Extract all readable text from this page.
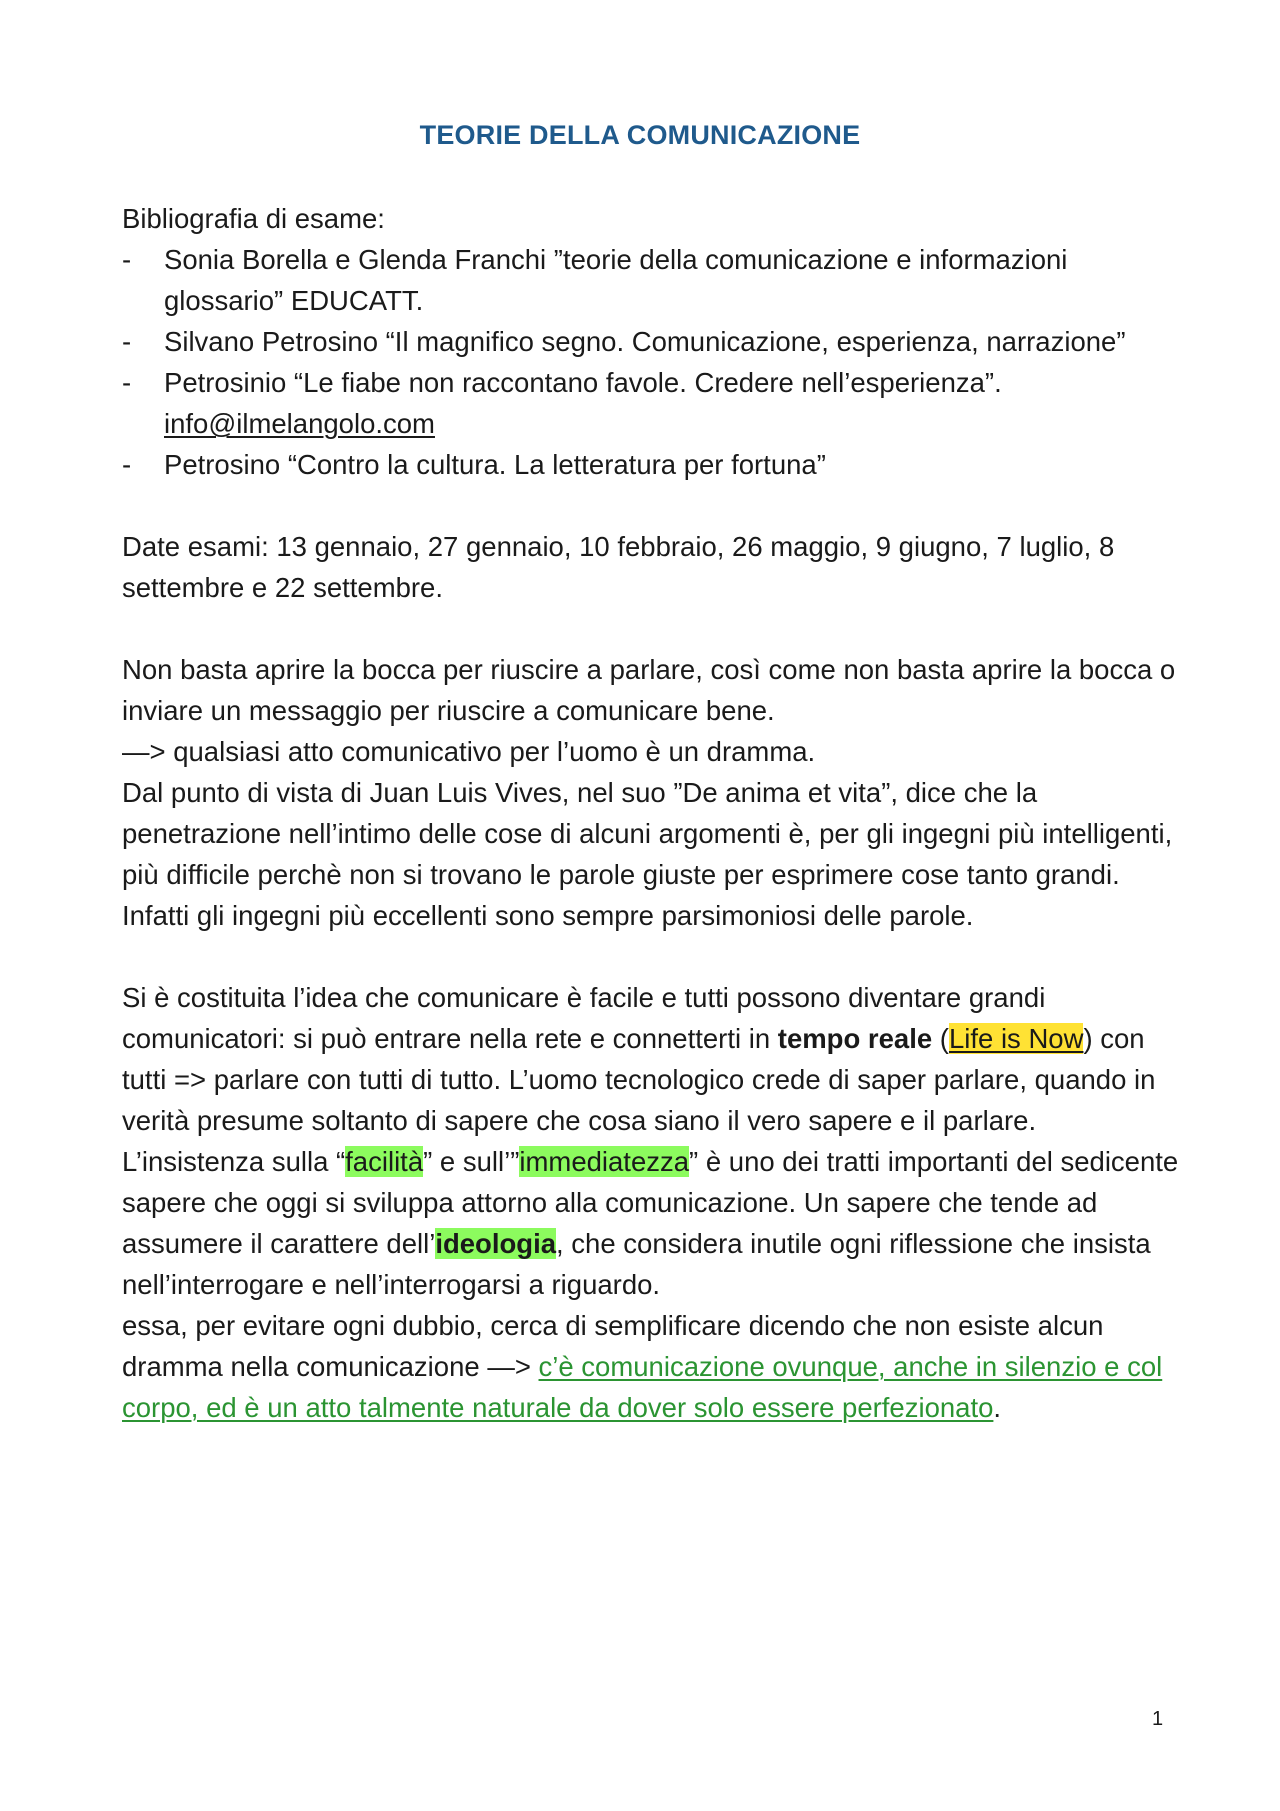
TEORIE DELLA COMUNICAZIONE

Bibliografia di esame:

- Sonia Borella e Glenda Franchi ”teorie della comunicazione e informazioni glossario” EDUCATT.
- Silvano Petrosino “Il magnifico segno. Comunicazione, esperienza, narrazione”
- Petrosinio “Le fiabe non raccontano favole. Credere nell’esperienza”.
info@ilmelangolo.com
- Petrosino “Contro la cultura. La letteratura per fortuna”

Date esami: 13 gennaio, 27 gennaio, 10 febbraio, 26 maggio, 9 giugno, 7 luglio, 8 settembre e 22 settembre.

Non basta aprire la bocca per riuscire a parlare, così come non basta aprire la bocca o inviare un messaggio per riuscire a comunicare bene.

—> qualsiasi atto comunicativo per l’uomo è un dramma.

Dal punto di vista di Juan Luis Vives, nel suo ”De anima et vita”, dice che la penetrazione nell’intimo delle cose di alcuni argomenti è, per gli ingegni più intelligenti, più difficile perchè non si trovano le parole giuste per esprimere cose tanto grandi. Infatti gli ingegni più eccellenti sono sempre parsimoniosi delle parole.

Si è costituita l’idea che comunicare è facile e tutti possono diventare grandi comunicatori: si può entrare nella rete e connetterti in tempo reale (Life is Now) con tutti => parlare con tutti di tutto. L’uomo tecnologico crede di saper parlare, quando in verità presume soltanto di sapere che cosa siano il vero sapere e il parlare.

L’insistenza sulla “facilità” e sull’”immediatezza” è uno dei tratti importanti del sedicente sapere che oggi si sviluppa attorno alla comunicazione. Un sapere che tende ad assumere il carattere dell’ideologia, che considera inutile ogni riflessione che insista nell’interrogare e nell’interrogarsi a riguardo.

essa, per evitare ogni dubbio, cerca di semplificare dicendo che non esiste alcun dramma nella comunicazione —> c’è comunicazione ovunque, anche in silenzio e col corpo, ed è un atto talmente naturale da dover solo essere perfezionato.

1
